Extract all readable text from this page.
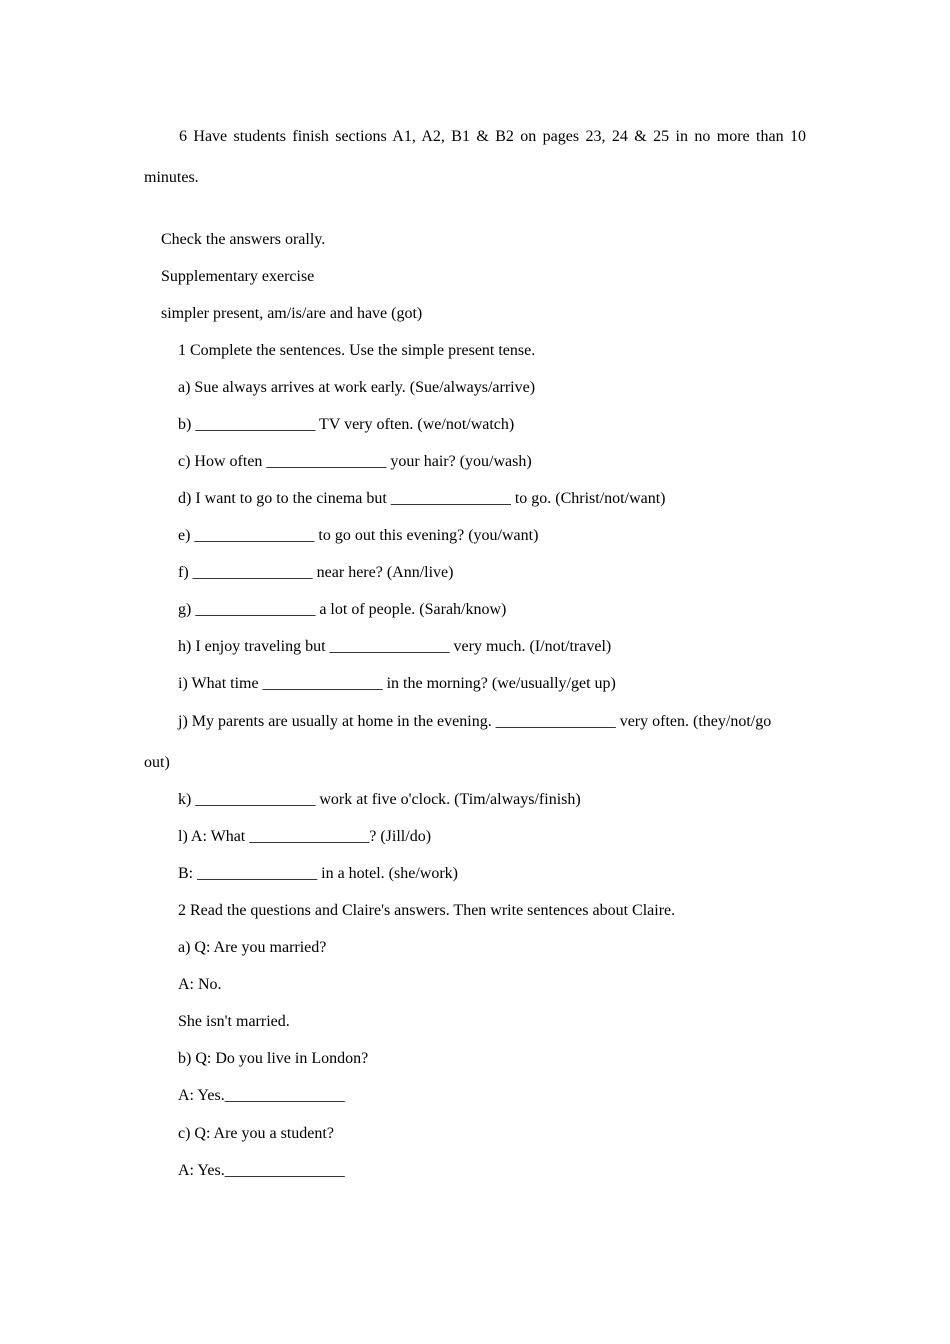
6 Have students finish sections A1, A2, B1 & B2 on pages 23, 24 & 25 in no more than 10
minutes.
Check the answers orally.
Supplementary exercise
simpler present, am/is/are and have (got)
1 Complete the sentences. Use the simple present tense.
a) Sue always arrives at work early. (Sue/always/arrive)
b) _______________ TV very often. (we/not/watch)
c) How often _______________ your hair? (you/wash)
d) I want to go to the cinema but _______________ to go. (Christ/not/want)
e) _______________ to go out this evening? (you/want)
f) _______________ near here? (Ann/live)
g) _______________ a lot of people. (Sarah/know)
h) I enjoy traveling but _______________ very much. (I/not/travel)
i) What time _______________ in the morning? (we/usually/get up)
j) My parents are usually at home in the evening. _______________ very often. (they/not/go
out)
k) _______________ work at five o'clock. (Tim/always/finish)
l) A: What _______________? (Jill/do)
B: _______________ in a hotel. (she/work)
2 Read the questions and Claire's answers. Then write sentences about Claire.
a) Q: Are you married?
A: No.
She isn't married.
b) Q: Do you live in London?
A: Yes._______________
c) Q: Are you a student?
A: Yes._______________
